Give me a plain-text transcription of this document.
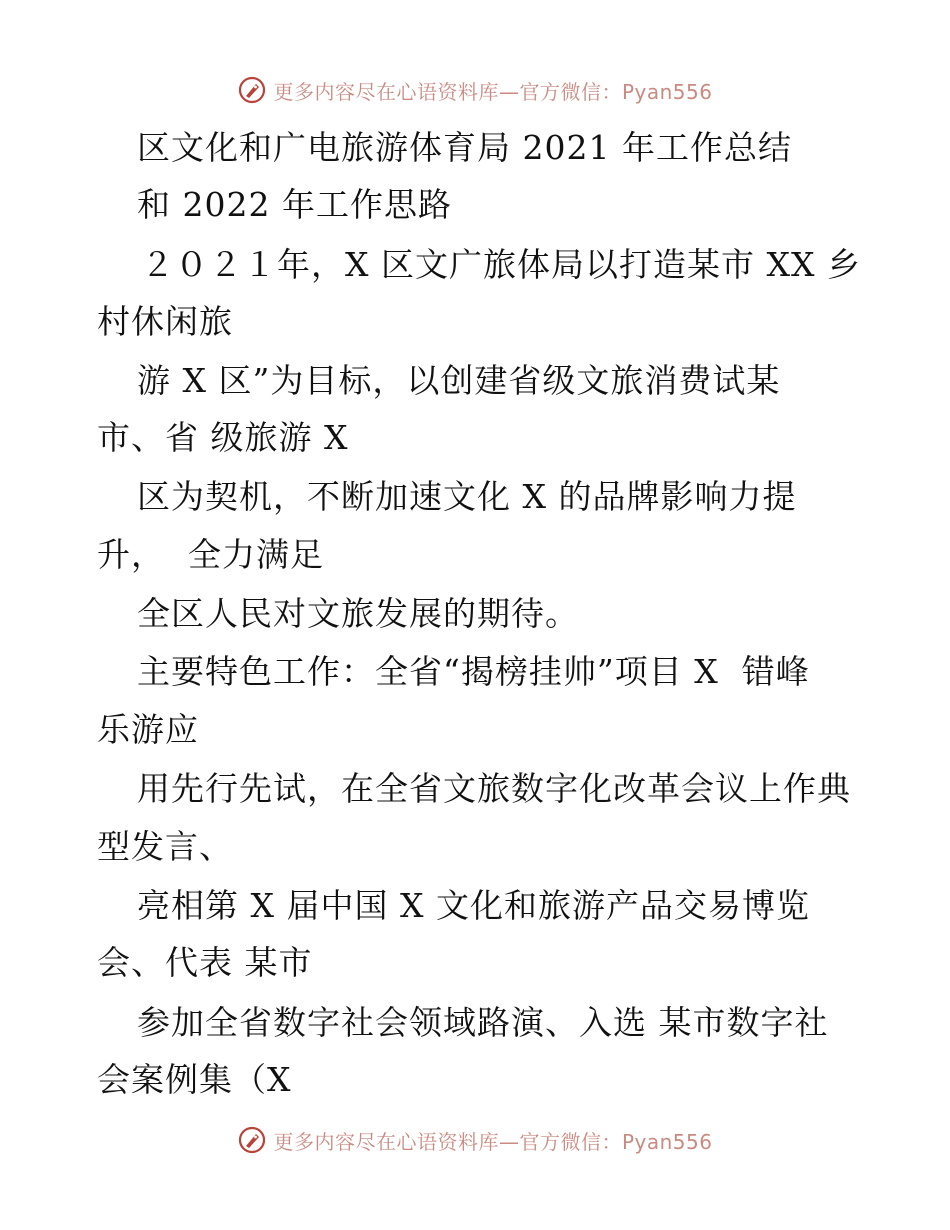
更多内容尽在心语资料库—官方微信：Pyan556
区文化和广电旅游体育局 2021 年工作总结
和 2022 年工作思路
２０２１年，X 区文广旅体局以打造某市 XX 乡
村休闲旅
游 X 区”为目标，以创建省级文旅消费试某
市、省 级旅游 X
区为契机，不断加速文化 X 的品牌影响力提
升，  全力满足
全区人民对文旅发展的期待。
主要特色工作：全省“揭榜挂帅”项目 X  错峰
乐游应
用先行先试，在全省文旅数字化改革会议上作典
型发言、
亮相第 X 届中国 X 文化和旅游产品交易博览
会、代表 某市
参加全省数字社会领域路演、入选 某市数字社
会案例集（X
更多内容尽在心语资料库—官方微信：Pyan556
